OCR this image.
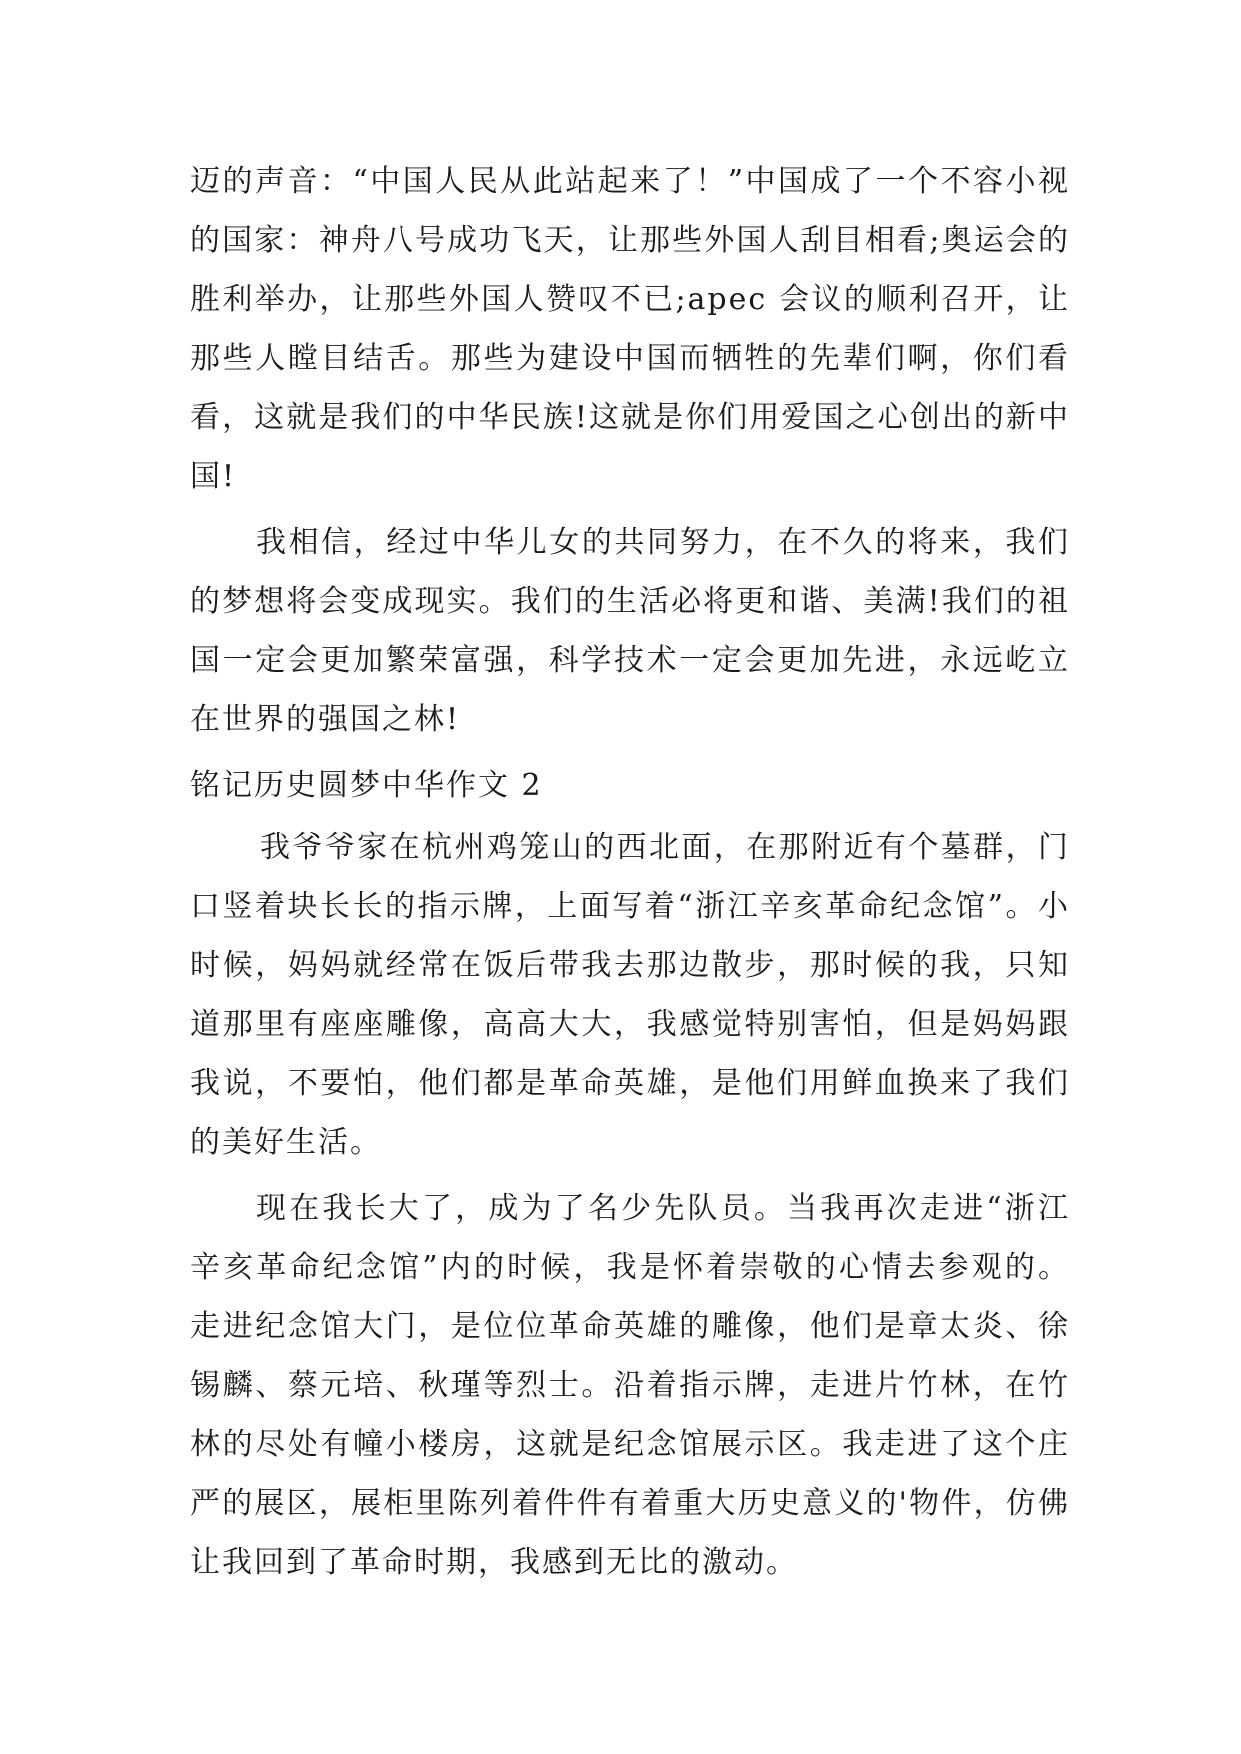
迈的声音：“中国人民从此站起来了！”中国成了一个不容小视的国家：神舟八号成功飞天，让那些外国人刮目相看;奥运会的胜利举办，让那些外国人赞叹不已;apec 会议的顺利召开，让那些人瞠目结舌。那些为建设中国而牺牲的先辈们啊，你们看看，这就是我们的中华民族!这就是你们用爱国之心创出的新中国!

我相信，经过中华儿女的共同努力，在不久的将来，我们的梦想将会变成现实。我们的生活必将更和谐、美满!我们的祖国一定会更加繁荣富强，科学技术一定会更加先进，永远屹立在世界的强国之林!

铭记历史圆梦中华作文 2

我爷爷家在杭州鸡笼山的西北面，在那附近有个墓群，门口竖着块长长的指示牌，上面写着“浙江辛亥革命纪念馆”。小时候，妈妈就经常在饭后带我去那边散步，那时候的我，只知道那里有座座雕像，高高大大，我感觉特别害怕，但是妈妈跟我说，不要怕，他们都是革命英雄，是他们用鲜血换来了我们的美好生活。

现在我长大了，成为了名少先队员。当我再次走进“浙江辛亥革命纪念馆”内的时候，我是怀着崇敬的心情去参观的。走进纪念馆大门，是位位革命英雄的雕像，他们是章太炎、徐锡麟、蔡元培、秋瑾等烈士。沿着指示牌，走进片竹林，在竹林的尽处有幢小楼房，这就是纪念馆展示区。我走进了这个庄严的展区，展柜里陈列着件件有着重大历史意义的'物件，仿佛让我回到了革命时期，我感到无比的激动。
